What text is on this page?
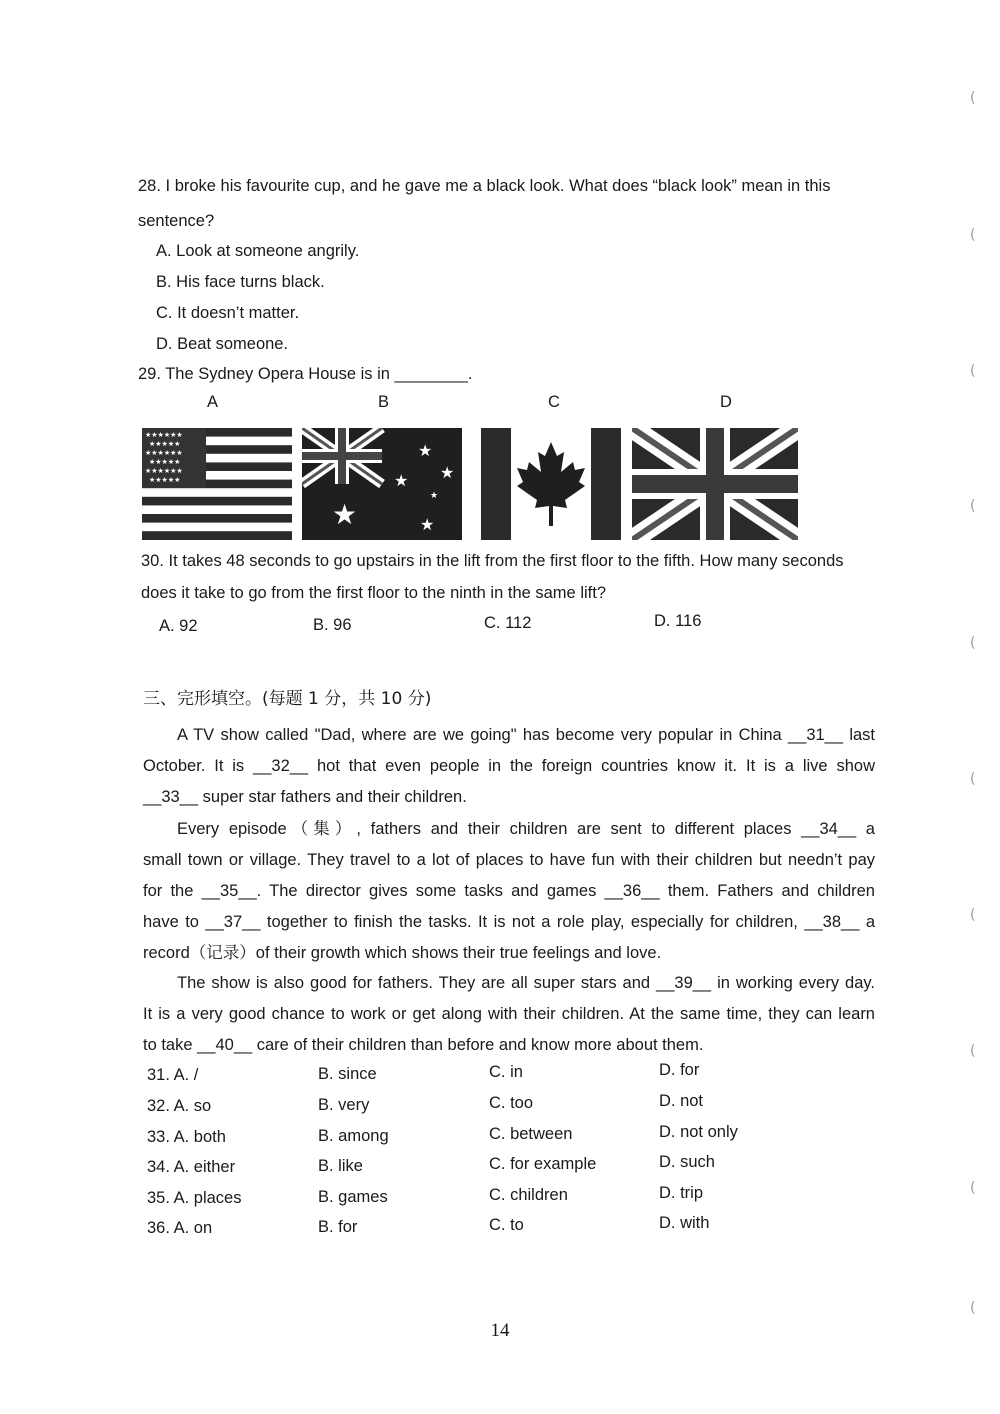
28. I broke his favourite cup, and he gave me a black look. What does “black look” mean in this
sentence?
A. Look at someone angrily.
B. His face turns black.
C. It doesn’t matter.
D. Beat someone.
29. The Sydney Opera House is in ________.
A	B	C	D
★★★★★★
★★★★★
★★★★★★
★★★★★
★★★★★★
★★★★★
★
★
★ ★
★
★
30. It takes 48 seconds to go upstairs in the lift from the first floor to the fifth. How many seconds
does it take to go from the first floor to the ninth in the same lift?
A. 92	B. 96	C. 112	D. 116
三、完形填空。(每题 1 分，共 10 分)
A TV show called "Dad, where are we going" has become very popular in China __31__ last
October. It is __32__ hot that even people in the foreign countries know it. It is a live show
__33__ super star fathers and their children.
Every episode（集）, fathers and their children are sent to different places __34__ a
small town or village. They travel to a lot of places to have fun with their children but needn’t pay
for the __35__. The director gives some tasks and games __36__ them. Fathers and children
have to __37__ together to finish the tasks. It is not a role play, especially for children, __38__ a
record（记录）of their growth which shows their true feelings and love.
The show is also good for fathers. They are all super stars and __39__ in working every day.
It is a very good chance to work or get along with their children. At the same time, they can learn
to take __40__ care of their children than before and know more about them.
31. A. /	B. since	C. in	D. for
32. A. so	B. very	C. too	D. not
33. A. both	B. among	C. between	D. not only
34. A. either	B. like	C. for example	D. such
35. A. places	B. games	C. children	D. trip
36. A. on	B. for	C. to	D. with
(
(
(
(
(
(
(
(
(
(
14
